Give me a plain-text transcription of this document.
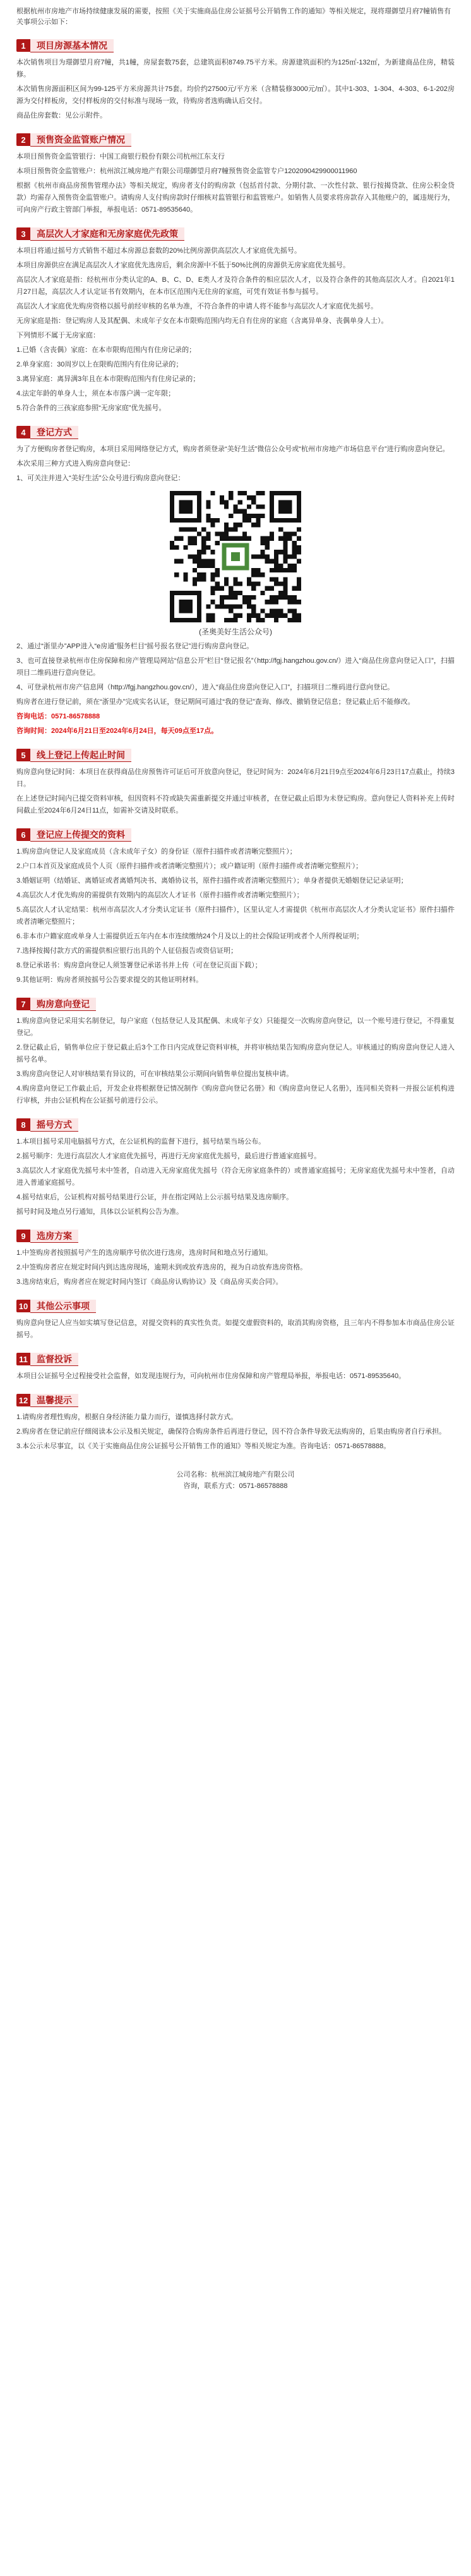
根据杭州市房地产市场持续健康发展的需要，按照《关于实施商品住房公证摇号公开销售工作的通知》等相关规定，现将璟御望月府7幢销售有关事项公示如下：

1	项目房源基本情况

本次销售项目为璟御望月府7幢，共1幢，房屋套数75套，总建筑面积8749.75平方米。房源建筑面积约为125㎡-132㎡，为新建商品住房，精装修。

本次销售房源面积区间为99-125平方米房源共计75套。均价约27500元/平方米（含精装修3000元/㎡）。其中1-303、1-304、4-303、6-1-202房源为交付样板房，交付样板房的交付标准与现场一致，待购房者选购确认后交付。

商品住房套数：见公示附件。

2	预售资金监管账户情况

本项目预售资金监管银行：中国工商银行股份有限公司杭州江东支行

本项目预售资金监管账户：杭州滨江城房地产有限公司璟御望月府7幢预售资金监管专户1202090429900011960

根据《杭州市商品房预售管理办法》等相关规定，购房者支付的购房款（包括首付款、分期付款、一次性付款、银行按揭贷款、住房公积金贷款）均需存入预售资金监管账户。请购房人支付购房款时仔细核对监管银行和监管账户。如销售人员要求将房款存入其他账户的，属违规行为，可向房产行政主管部门举报，举报电话：0571-89535640。

3	高层次人才家庭和无房家庭优先政策

本项目将通过摇号方式销售不超过本房源总套数的20%比例房源供高层次人才家庭优先摇号。

本项目房源供应在满足高层次人才家庭优先选房后，剩余房源中不低于50%比例的房源供无房家庭优先摇号。

高层次人才家庭是指：经杭州市分类认定的A、B、C、D、E类人才及符合条件的相应层次人才，以及符合条件的其他高层次人才。自2021年1月27日起，高层次人才认定证书有效期内，在本市区范围内无住房的家庭，可凭有效证书参与摇号。

高层次人才家庭优先购房资格以摇号前经审核的名单为准，不符合条件的申请人将不能参与高层次人才家庭优先摇号。

无房家庭是指：登记购房人及其配偶、未成年子女在本市限购范围内均无自有住房的家庭（含离异单身、丧偶单身人士）。

下列情形不属于无房家庭：

1.已婚（含丧偶）家庭：在本市限购范围内有住房记录的；

2.单身家庭：30周岁以上在限购范围内有住房记录的；

3.离异家庭：离异满3年且在本市限购范围内有住房记录的；

4.法定年龄的单身人士，须在本市落户满一定年限；

5.符合条件的三孩家庭参照“无房家庭”优先摇号。

4	登记方式

为了方便购房者登记购房，本项目采用网络登记方式，购房者须登录“美好生活”微信公众号或“杭州市房地产市场信息平台”进行购房意向登记。

本次采用三种方式进入购房意向登记：

1、可关注并进入“美好生活”公众号进行购房意向登记：

(圣奥美好生活公众号)

2、通过“浙里办”APP进入“e房通”服务栏目“摇号报名登记”进行购房意向登记。

3、也可直接登录杭州市住房保障和房产管理局网站“信息公开”栏目“登记报名”（http://fgj.hangzhou.gov.cn/）进入“商品住房意向登记入口”，扫描项目二维码进行意向登记。

4、可登录杭州市房产信息网（http://fgj.hangzhou.gov.cn/），进入“商品住房意向登记入口”，扫描项目二维码进行意向登记。

购房者在进行登记前，须在“浙里办”完成实名认证，登记期间可通过“我的登记”查询、修改、撤销登记信息；登记截止后不能修改。

咨询电话：0571-86578888

咨询时间：2024年6月21日至2024年6月24日，每天09点至17点。

5	线上登记上传起止时间

购房意向登记时间：本项目在获得商品住房预售许可证后可开放意向登记，登记时间为：2024年6月21日9点至2024年6月23日17点截止，持续3日。

在上述登记时间内已提交资料审核，但因资料不符或缺失需重新提交并通过审核者，在登记截止后即为未登记购房。意向登记人资料补充上传时间截止至2024年6月24日11点，如需补交请及时联系。

6	登记应上传提交的资料

1.购房意向登记人及家庭成员（含未成年子女）的身份证（原件扫描件或者清晰完整照片）；

2.户口本首页及家庭成员个人页（原件扫描件或者清晰完整照片）；或户籍证明（原件扫描件或者清晰完整照片）；

3.婚姻证明（结婚证、离婚证或者离婚判决书、离婚协议书，原件扫描件或者清晰完整照片）；单身者提供无婚姻登记记录证明；

4.高层次人才优先购房的需提供有效期内的高层次人才证书（原件扫描件或者清晰完整照片）；

5.高层次人才认定结果：杭州市高层次人才分类认定证书（原件扫描件），区里认定人才需提供《杭州市高层次人才分类认定证书》原件扫描件或者清晰完整照片；

6.非本市户籍家庭或单身人士需提供近五年内在本市连续缴纳24个月及以上的社会保险证明或者个人所得税证明；

7.选择按揭付款方式的需提供相应银行出具的个人征信报告或资信证明；

8.登记承诺书：购房意向登记人须签署登记承诺书并上传（可在登记页面下载）；

9.其他证明：购房者须按摇号公告要求提交的其他证明材料。

7	购房意向登记

1.购房意向登记采用实名制登记，每户家庭（包括登记人及其配偶、未成年子女）只能提交一次购房意向登记，以一个账号进行登记，不得重复登记。

2.登记截止后，销售单位应于登记截止后3个工作日内完成登记资料审核，并将审核结果告知购房意向登记人。审核通过的购房意向登记人进入摇号名单。

3.购房意向登记人对审核结果有异议的，可在审核结果公示期间向销售单位提出复核申请。

4.购房意向登记工作截止后，开发企业将根据登记情况制作《购房意向登记名册》和《购房意向登记人名册》，连同相关资料一并报公证机构进行审核，并由公证机构在公证摇号前进行公示。

8	摇号方式

1.本项目摇号采用电脑摇号方式，在公证机构的监督下进行，摇号结果当场公布。

2.摇号顺序：先进行高层次人才家庭优先摇号，再进行无房家庭优先摇号，最后进行普通家庭摇号。

3.高层次人才家庭优先摇号未中签者，自动进入无房家庭优先摇号（符合无房家庭条件的）或普通家庭摇号；无房家庭优先摇号未中签者，自动进入普通家庭摇号。

4.摇号结束后，公证机构对摇号结果进行公证，并在指定网站上公示摇号结果及选房顺序。

摇号时间及地点另行通知，具体以公证机构公告为准。

9	选房方案

1.中签购房者按照摇号产生的选房顺序号依次进行选房，选房时间和地点另行通知。

2.中签购房者应在规定时间内到达选房现场，逾期未到或放弃选房的，视为自动放弃选房资格。

3.选房结束后，购房者应在规定时间内签订《商品房认购协议》及《商品房买卖合同》。

10 其他公示事项

购房意向登记人应当如实填写登记信息，对提交资料的真实性负责。如提交虚假资料的，取消其购房资格，且三年内不得参加本市商品住房公证摇号。

11	监督投诉

本项目公证摇号全过程接受社会监督，如发现违规行为，可向杭州市住房保障和房产管理局举报，举报电话：0571-89535640。

12 温馨提示

1.请购房者理性购房，根据自身经济能力量力而行，谨慎选择付款方式。

2.购房者在登记前应仔细阅读本公示及相关规定，确保符合购房条件后再进行登记，因不符合条件导致无法购房的，后果由购房者自行承担。

3.本公示未尽事宜，以《关于实施商品住房公证摇号公开销售工作的通知》等相关规定为准。咨询电话：0571-86578888。

公司名称：杭州滨江城房地产有限公司
咨询，联系方式：0571-86578888
